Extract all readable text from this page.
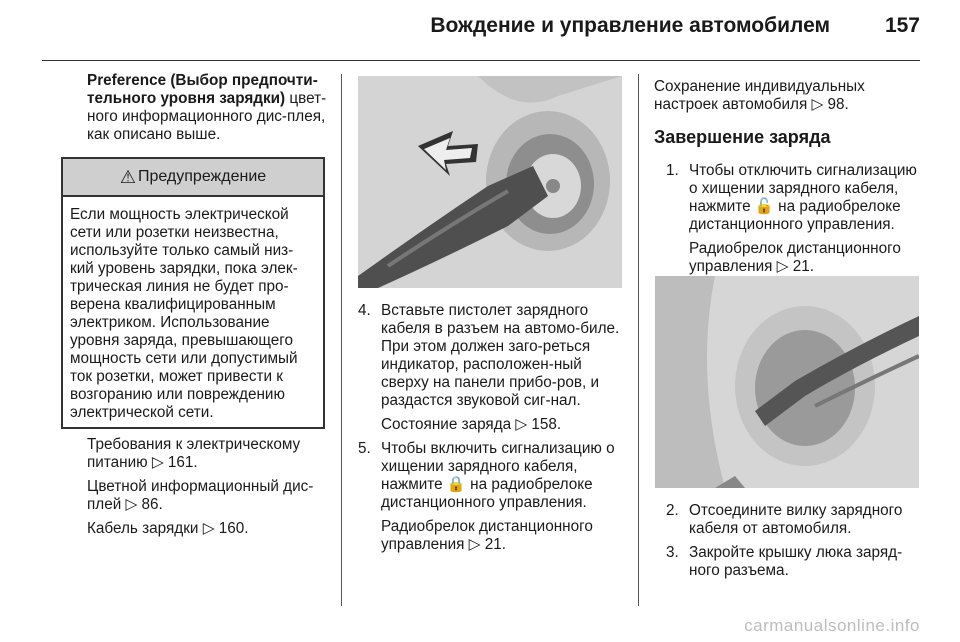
Вождение и управление автомобилем	157

Preference (Выбор предпочти-тельного уровня зарядки) цвет-ного информационного дис-плея, как описано выше.

⚠ Предупреждение
Если мощность электрической сети или розетки неизвестна, используйте только самый низ-кий уровень зарядки, пока элек-трическая линия не будет про-верена квалифицированным электриком. Использование уровня заряда, превышающего мощность сети или допустимый ток розетки, может привести к возгоранию или повреждению электрической сети.

Требования к электрическому питанию ▷ 161.

Цветной информационный дис-плей ▷ 86.

Кабель зарядки ▷ 160.

4. Вставьте пистолет зарядного кабеля в разъем на автомо-биле. При этом должен заго-реться индикатор, расположен-ный сверху на панели прибо-ров, и раздастся звуковой сиг-нал.

Состояние заряда ▷ 158.

5. Чтобы включить сигнализацию о хищении зарядного кабеля, нажмите 🔒 на радиобрелоке дистанционного управления.

Радиобрелок дистанционного управления ▷ 21.

Сохранение индивидуальных настроек автомобиля ▷ 98.

Завершение заряда
1. Чтобы отключить сигнализацию о хищении зарядного кабеля, нажмите 🔓 на радиобрелоке дистанционного управления.

Радиобрелок дистанционного управления ▷ 21.

2. Отсоедините вилку зарядного кабеля от автомобиля.

3. Закройте крышку люка заряд-ного разъема.

carmanualsonline.info
